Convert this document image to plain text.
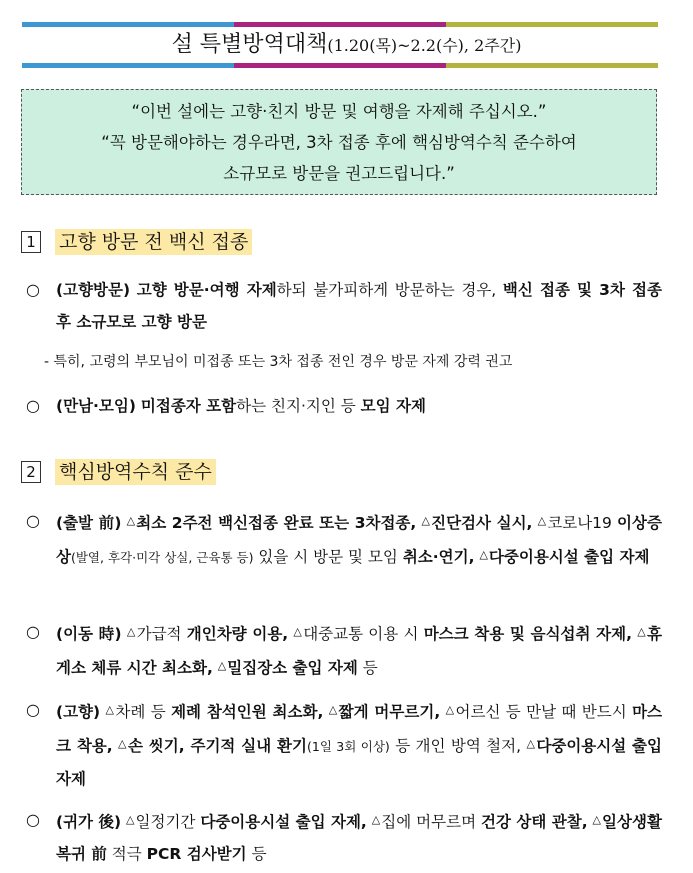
설 특별방역대책(1.20(목)~2.2(수), 2주간)
“이번 설에는 고향·친지 방문 및 여행을 자제해 주십시오.”
“꼭 방문해야하는 경우라면, 3차 접종 후에 핵심방역수칙 준수하여
소규모로 방문을 권고드립니다.”
1 고향 방문 전 백신 접종
○ (고향방문) 고향 방문·여행 자제하되 불가피하게 방문하는 경우, 백신 접종 및 3차 접종 후 소규모로 고향 방문
- 특히, 고령의 부모님이 미접종 또는 3차 접종 전인 경우 방문 자제 강력 권고
○ (만남·모임) 미접종자 포함하는 친지·지인 등 모임 자제
2 핵심방역수칙 준수
○ (출발 前) △최소 2주전 백신접종 완료 또는 3차접종, △진단검사 실시, △코로나19 이상증상(발열, 후각·미각 상실, 근육통 등) 있을 시 방문 및 모임 취소·연기, △다중이용시설 출입 자제
○ (이동 時) △가급적 개인차량 이용, △대중교통 이용 시 마스크 착용 및 음식섭취 자제, △휴게소 체류 시간 최소화, △밀집장소 출입 자제 등
○ (고향) △차례 등 제례 참석인원 최소화, △짧게 머무르기, △어르신 등 만날 때 반드시 마스크 착용, △손 씻기, 주기적 실내 환기(1일 3회 이상) 등 개인 방역 철저, △다중이용시설 출입 자제
○ (귀가 後) △일정기간 다중이용시설 출입 자제, △집에 머무르며 건강 상태 관찰, △일상생활 복귀 前 적극 PCR 검사받기 등
